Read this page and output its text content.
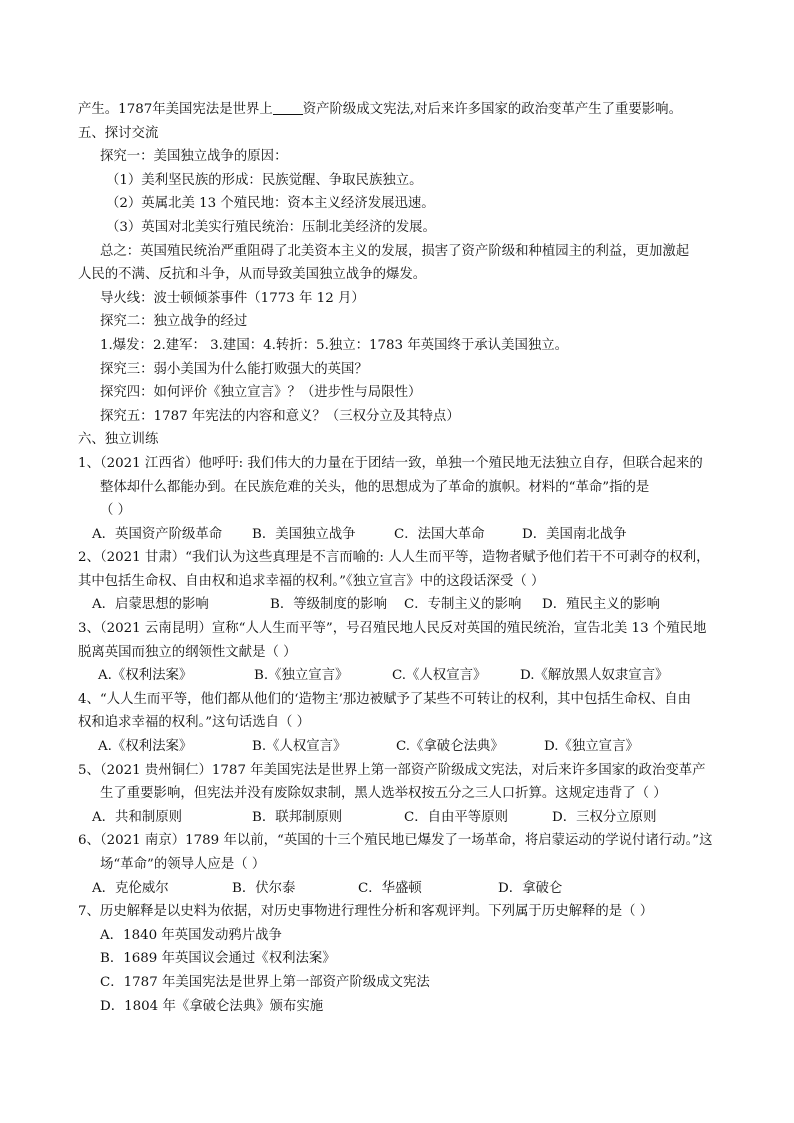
产生。1787年美国宪法是世界上 资产阶级成文宪法,对后来许多国家的政治变革产生了重要影响。
五、探讨交流
探究一：美国独立战争的原因：
（1）美利坚民族的形成：民族觉醒、争取民族独立。
（2）英属北美 13 个殖民地：资本主义经济发展迅速。
（3）英国对北美实行殖民统治：压制北美经济的发展。
总之：英国殖民统治严重阻碍了北美资本主义的发展，损害了资产阶级和种植园主的利益，更加激起
人民的不满、反抗和斗争，从而导致美国独立战争的爆发。
导火线：波士顿倾茶事件（1773 年 12 月）
探究二：独立战争的经过
1.爆发：2.建军： 3.建国：4.转折：5.独立：1783 年英国终于承认美国独立。
探究三：弱小美国为什么能打败强大的英国？
探究四：如何评价《独立宣言》？（进步性与局限性）
探究五：1787 年宪法的内容和意义？（三权分立及其特点）
六、独立训练
1、（2021 江西省）他呼吁: 我们伟大的力量在于团结一致，单独一个殖民地无法独立自存，但联合起来的
整体却什么都能办到。在民族危难的关头，他的思想成为了革命的旗帜。材料的“革命”指的是
（ ）
A．英国资产阶级革命	B．美国独立战争	C．法国大革命	D．美国南北战争
2、（2021 甘肃）“我们认为这些真理是不言而喻的: 人人生而平等，造物者赋予他们若干不可剥夺的权利，
其中包括生命权、自由权和追求幸福的权利。”《独立宣言》中的这段话深受（ ）
A．启蒙思想的影响	B．等级制度的影响	C．专制主义的影响	D．殖民主义的影响
3、（2021 云南昆明）宣称“人人生而平等”，号召殖民地人民反对英国的殖民统治，宣告北美 13 个殖民地
脱离英国而独立的纲领性文献是（ ）
A.《权利法案》	B.《独立宣言》	C.《人权宣言》	D.《解放黑人奴隶宣言》
4、“人人生而平等，他们都从他们的‘造物主’那边被赋予了某些不可转让的权利，其中包括生命权、自由
权和追求幸福的权利。”这句话选自（ ）
A.《权利法案》	B.《人权宣言》	C.《拿破仑法典》	D.《独立宣言》
5、（2021 贵州铜仁）1787 年美国宪法是世界上第一部资产阶级成文宪法，对后来许多国家的政治变革产
生了重要影响，但宪法并没有废除奴隶制，黑人选举权按五分之三人口折算。这规定违背了（ ）
A．共和制原则	B．联邦制原则	C．自由平等原则	D．三权分立原则
6、（2021 南京）1789 年以前，“英国的十三个殖民地已爆发了一场革命，将启蒙运动的学说付诸行动。”这
场“革命”的领导人应是（ ）
A．克伦威尔	B．伏尔泰	C．华盛顿	D．拿破仑
7、历史解释是以史料为依据，对历史事物进行理性分析和客观评判。下列属于历史解释的是（ ）
A．1840 年英国发动鸦片战争
B．1689 年英国议会通过《权利法案》
C．1787 年美国宪法是世界上第一部资产阶级成文宪法
D．1804 年《拿破仑法典》颁布实施
